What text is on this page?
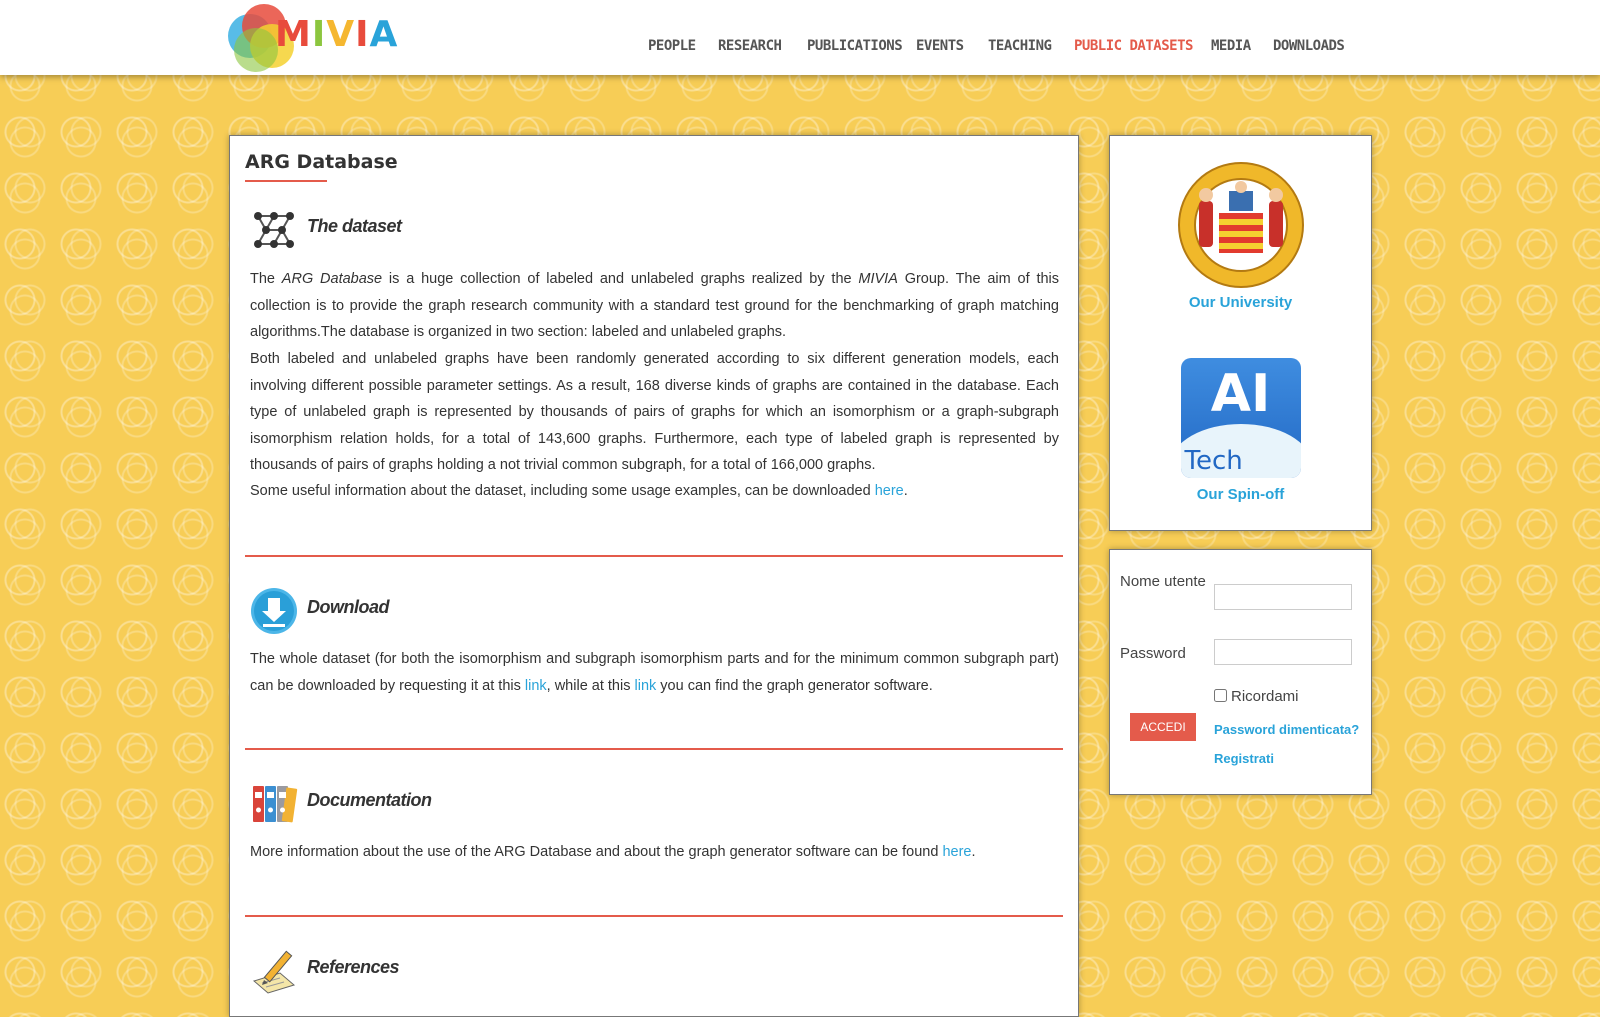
MIVIA	PEOPLE RESEARCH PUBLICATIONS EVENTS TEACHING PUBLIC DATASETS MEDIA DOWNLOADS
ARG Database
The dataset
The ARG Database is a huge collection of labeled and unlabeled graphs realized by the MIVIA Group. The aim of this collection is to provide the graph research community with a standard test ground for the benchmarking of graph matching algorithms.The database is organized in two section: labeled and unlabeled graphs.
Both labeled and unlabeled graphs have been randomly generated according to six different generation models, each involving different possible parameter settings. As a result, 168 diverse kinds of graphs are contained in the database. Each type of unlabeled graph is represented by thousands of pairs of graphs for which an isomorphism or a graph-subgraph isomorphism relation holds, for a total of 143,600 graphs. Furthermore, each type of labeled graph is represented by thousands of pairs of graphs holding a not trivial common subgraph, for a total of 166,000 graphs.
Some useful information about the dataset, including some usage examples, can be downloaded here.
Download
The whole dataset (for both the isomorphism and subgraph isomorphism parts and for the minimum common subgraph part) can be downloaded by requesting it at this link, while at this link you can find the graph generator software.
Documentation
More information about the use of the ARG Database and about the graph generator software can be found here.
References
Our University
AI
Tech
Our Spin-off
Nome utente
Password
Ricordami
ACCEDI	Password dimenticata?
Registrati
